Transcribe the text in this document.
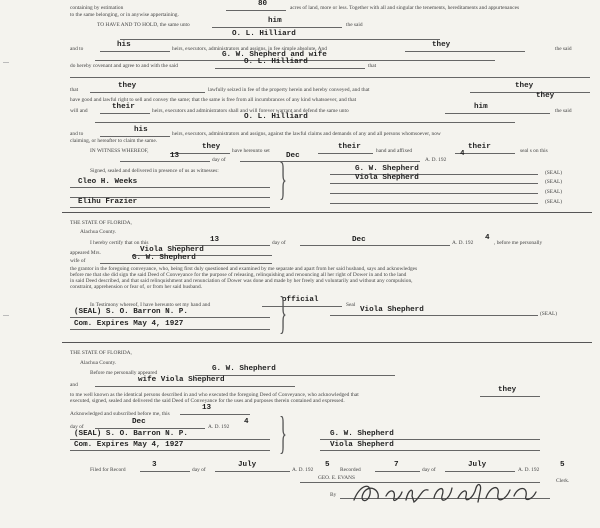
containing by estimation	80	acres of land, more or less. Together with all and singular the tenements, hereditaments and appurtenances
to the same belonging, or in anywise appertaining.
TO HAVE AND TO HOLD, the same unto	him	the said
O. L. Hilliard
and to	his	heirs, executors, administrators and assigns, in fee simple absolute. And	they	the said
G. W. Shepherd and wife
do hereby covenant and agree to and with the said	O. L. Hilliard	that
that	they	lawfully seized in fee of the property herein and hereby conveyed, and that	they
have good and lawful right to sell and convey the same; that the same is free from all incumbrances of any kind whatsoever, and that	they
will and	their	heirs, executors and administrators shall and will forever warrant and defend the same unto	him	the said
O. L. Hilliard
and to	his	heirs, executors, administrators and assigns, against the lawful claims and demands of any and all persons whomsoever, now
claiming, or hereafter to claim the same.
IN WITNESS WHEREOF,	they have hereunto set	their	hand and affixed	their	seal s on this
13	day of	Dec	A. D. 192
4
Signed, sealed and delivered in presence of us as witnesses:
Cleo H. Weeks
Elihu Frazier	}	G. W. Shepherd	(SEAL)
Viola Shepherd	(SEAL)
(SEAL)
(SEAL)
THE STATE OF FLORIDA,
Alachua County.
I hereby certify that on this	13	day of	Dec	A. D. 192
4
, before me personally
appeared Mrs.	Viola Shepherd
wife of	G. W. Shepherd
the grantor in the foregoing conveyance, who, being first duly questioned and examined by me separate and apart from her said husband, says and acknowledges
before me that she did sign the said Deed of Conveyance for the purpose of releasing, relinquishing and renouncing all her right of Dower in and to the land
in said Deed described, and that said relinquishment and renunciation of Dower was done and made by her freely and voluntarily and without any compulsion,
constraint, apprehension or fear of, or from her said husband.
In Testimony whereof, I have hereunto set my hand and
official
Seal
(SEAL) S. O. Barron N. P.
Com. Expires May 4, 1927 }	Viola Shepherd	(SEAL)
THE STATE OF FLORIDA,
Alachua County.
Before me personally appeared	G. W. Shepherd
and
wife Viola Shepherd
to me well known as the identical persons described in and who executed the foregoing Deed of Conveyance, who acknowledged that
they
executed, signed, sealed and delivered the said Deed of Conveyance for the uses and purposes therein contained and expressed.
Acknowledged and subscribed before me, this
13
day of
Dec
A. D. 192
4
(SEAL) S. O. Barron N. P.
Com. Expires May 4, 1927 }	G. W. Shepherd
Viola Shepherd
Filed for Record
3
day of
July
A. D. 192
5
Recorded
7
day of
July
A. D. 192
5
GEO. E. EVANS	Clerk.
By
